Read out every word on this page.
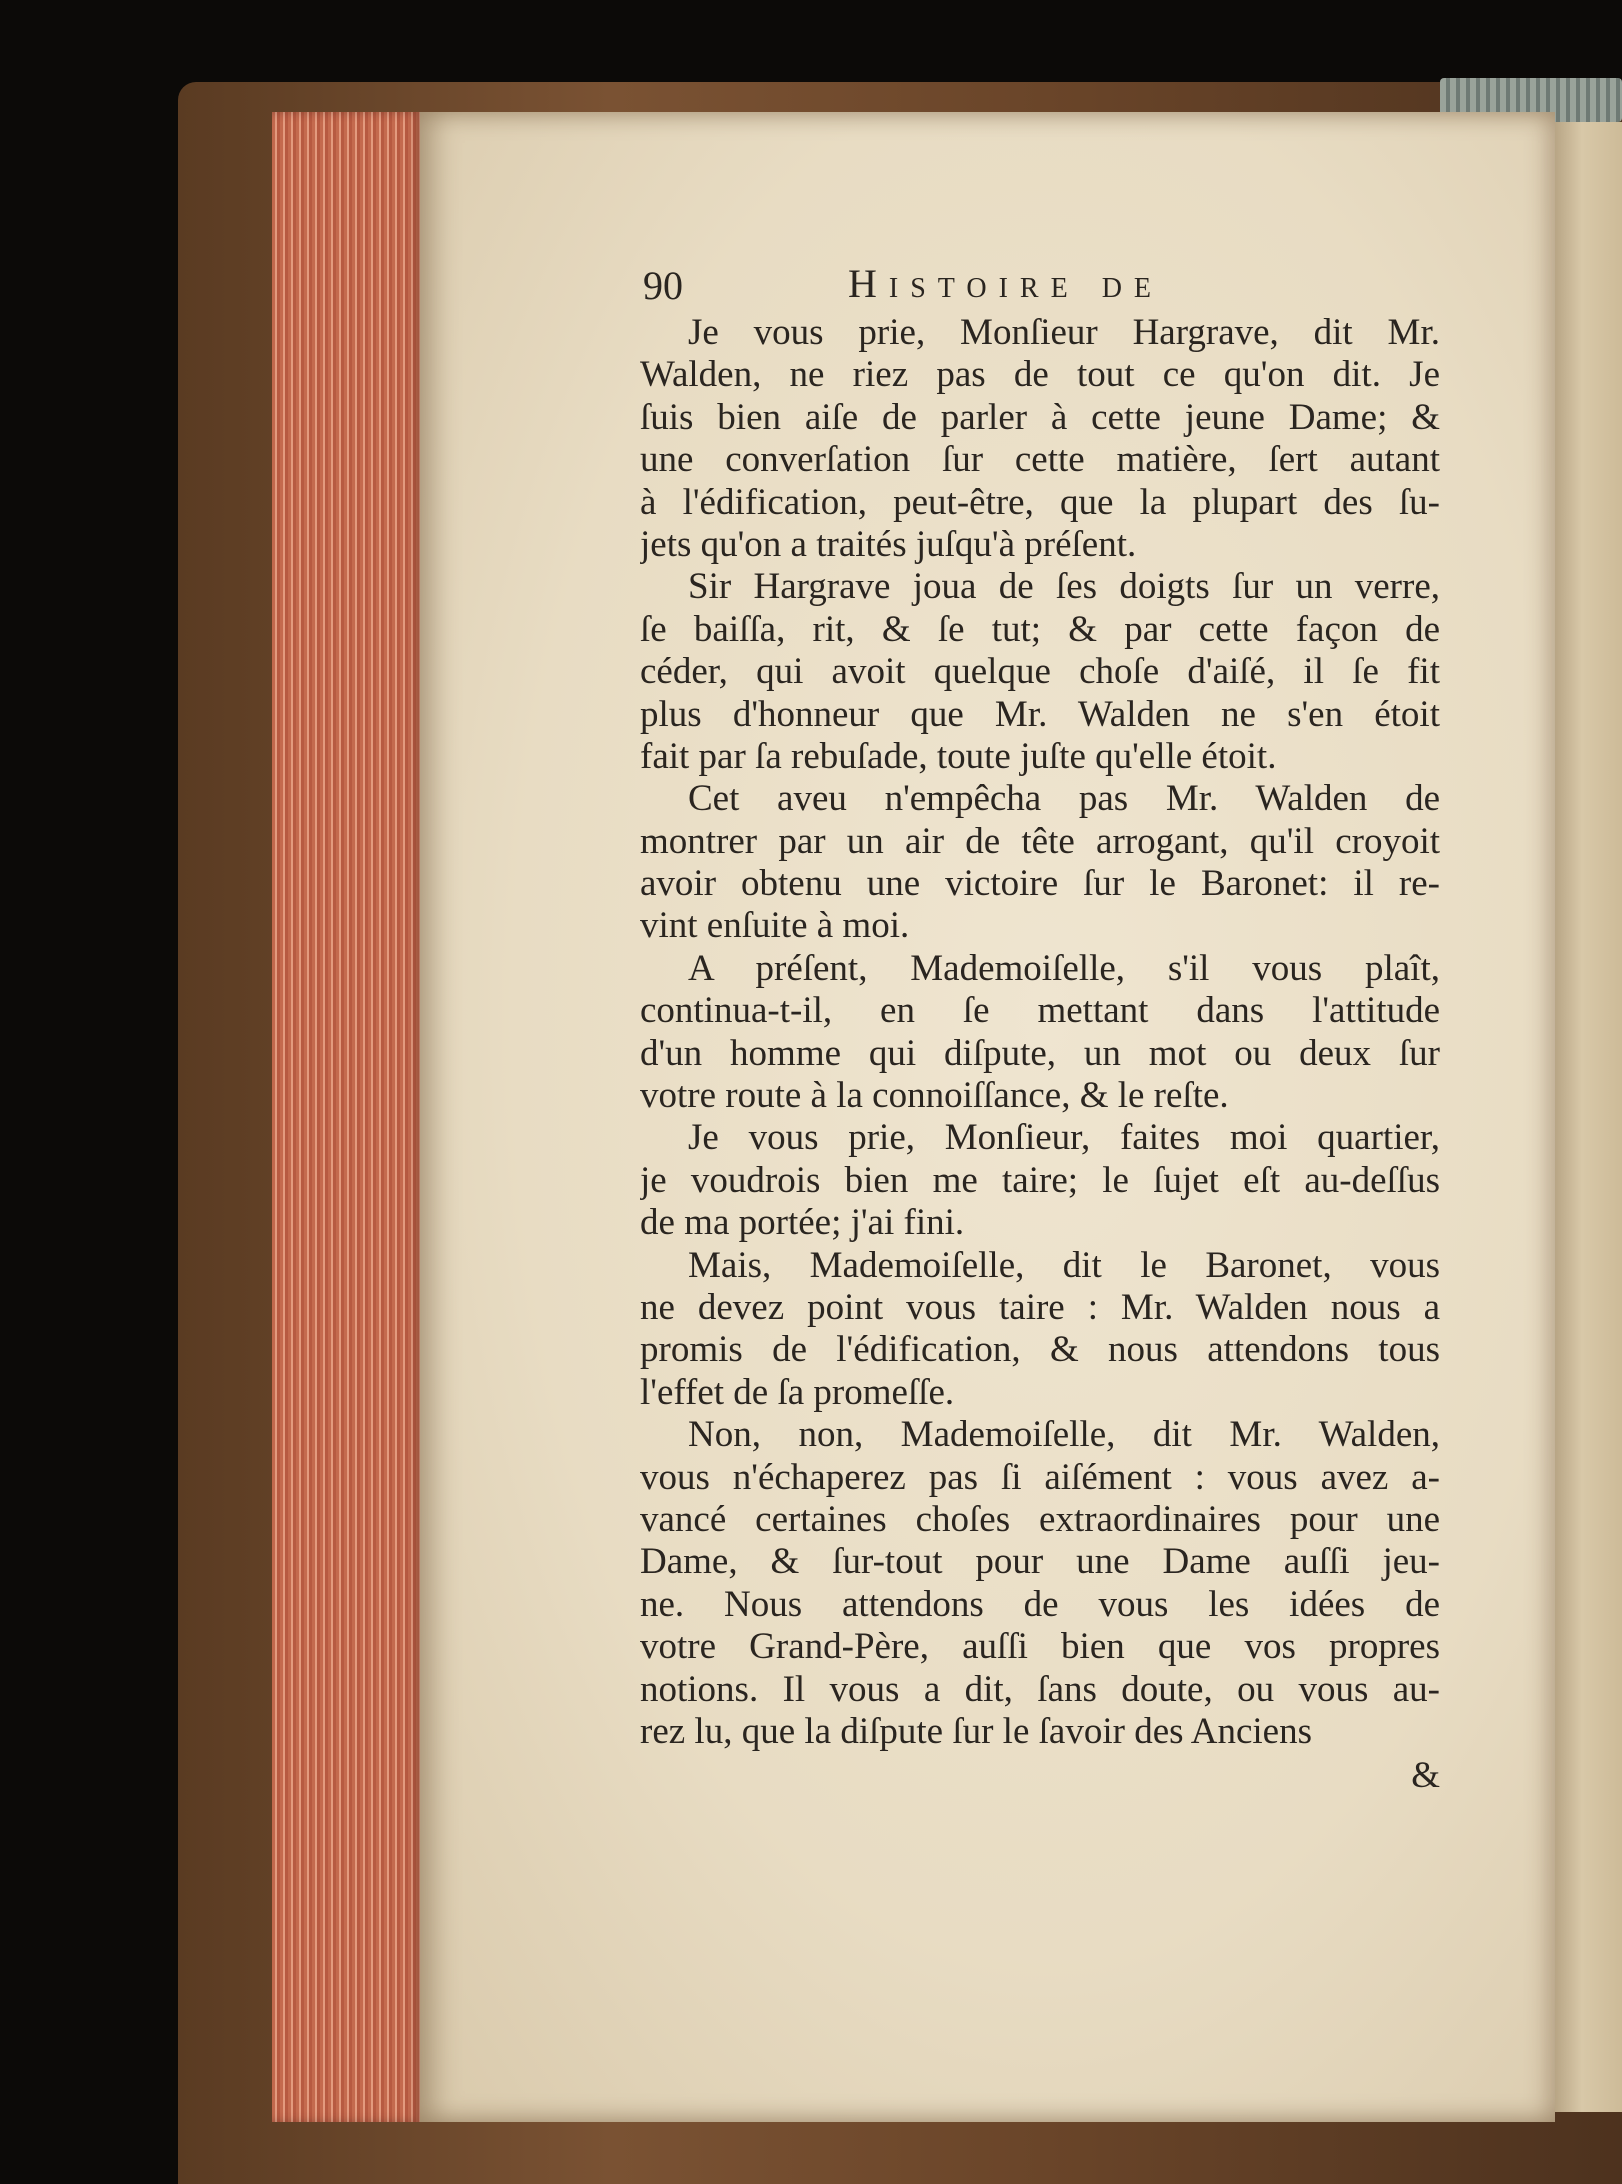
90	Histoire de
Je vous prie, Monſieur Hargrave, dit Mr.
Walden, ne riez pas de tout ce qu'on dit. Je
ſuis bien aiſe de parler à cette jeune Dame; &
une converſation ſur cette matière, ſert autant
à l'édification, peut-être, que la plupart des ſu-
jets qu'on a traités juſqu'à préſent.
Sir Hargrave joua de ſes doigts ſur un verre,
ſe baiſſa, rit, & ſe tut; & par cette façon de
céder, qui avoit quelque choſe d'aiſé, il ſe fit
plus d'honneur que Mr. Walden ne s'en étoit
fait par ſa rebuſade, toute juſte qu'elle étoit.
Cet aveu n'empêcha pas Mr. Walden de
montrer par un air de tête arrogant, qu'il croyoit
avoir obtenu une victoire ſur le Baronet: il re-
vint enſuite à moi.
A préſent, Mademoiſelle, s'il vous plaît,
continua-t-il, en ſe mettant dans l'attitude
d'un homme qui diſpute, un mot ou deux ſur
votre route à la connoiſſance, & le reſte.
Je vous prie, Monſieur, faites moi quartier,
je voudrois bien me taire; le ſujet eſt au-deſſus
de ma portée; j'ai fini.
Mais, Mademoiſelle, dit le Baronet, vous
ne devez point vous taire : Mr. Walden nous a
promis de l'édification, & nous attendons tous
l'effet de ſa promeſſe.
Non, non, Mademoiſelle, dit Mr. Walden,
vous n'échaperez pas ſi aiſément : vous avez a-
vancé certaines choſes extraordinaires pour une
Dame, & ſur-tout pour une Dame auſſi jeu-
ne. Nous attendons de vous les idées de
votre Grand-Père, auſſi bien que vos propres
notions. Il vous a dit, ſans doute, ou vous au-
rez lu, que la diſpute ſur le ſavoir des Anciens
&
